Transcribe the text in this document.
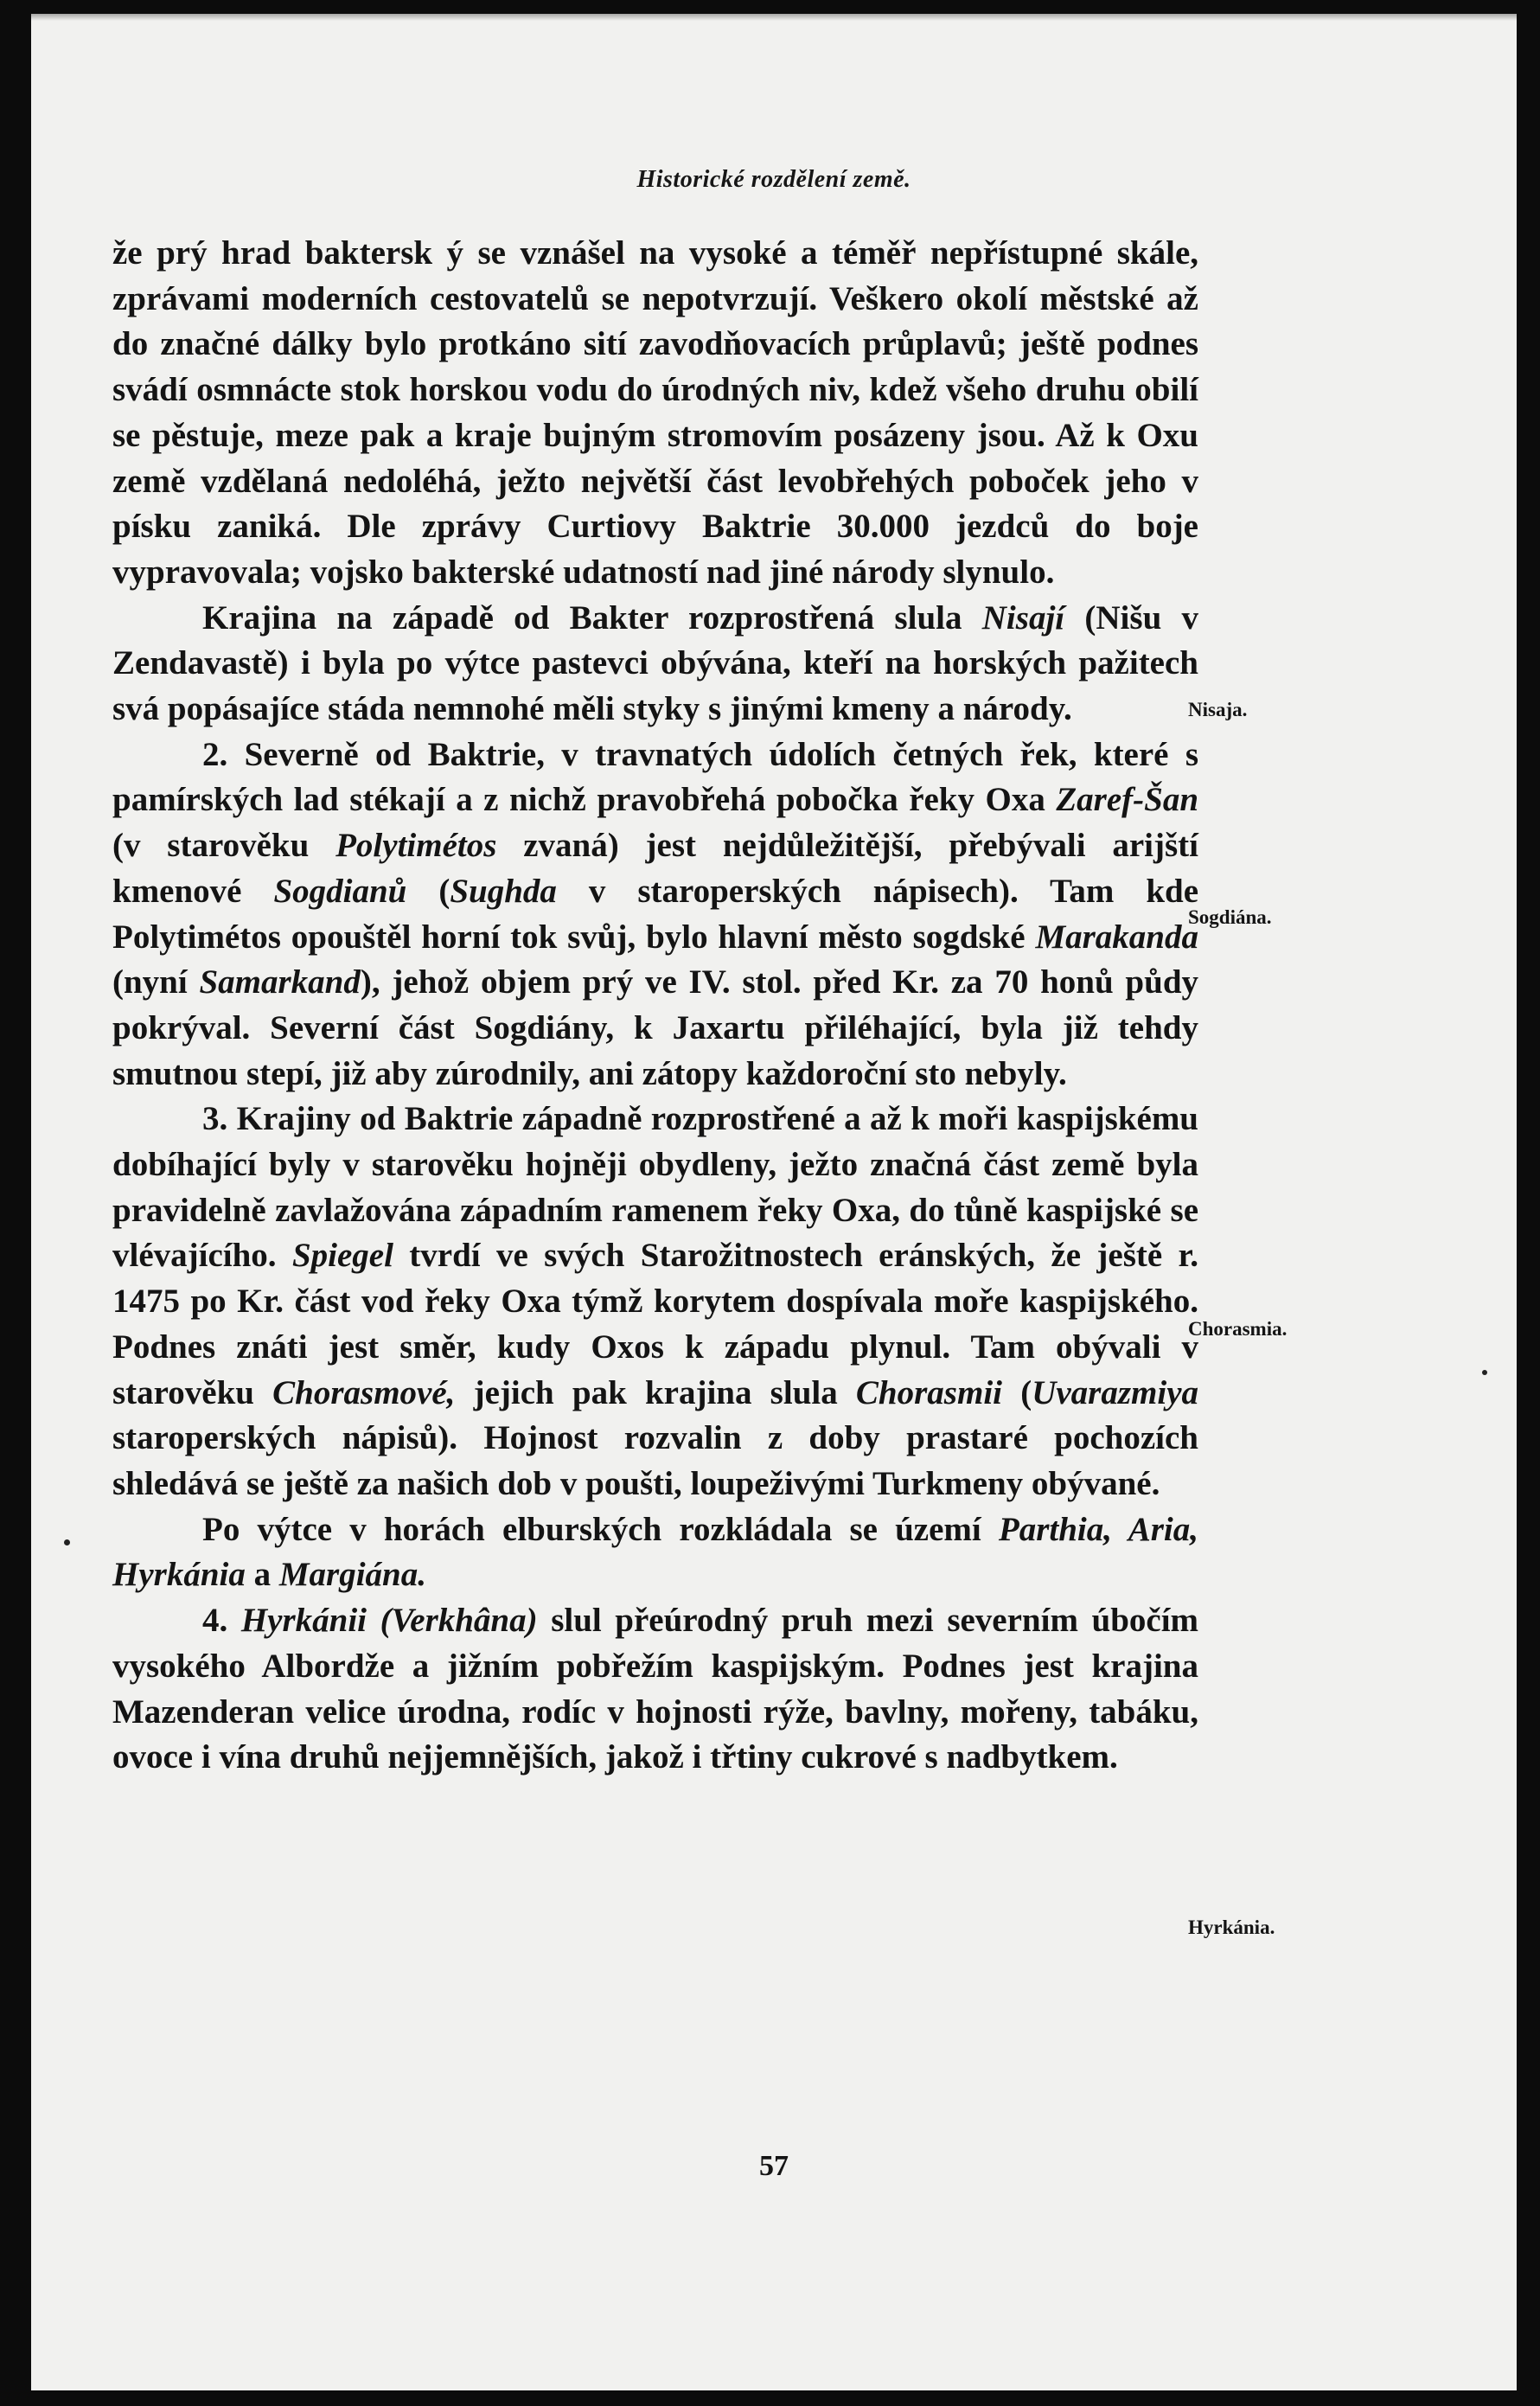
Historické rozdělení země.

že prý hrad baktersk ý se vznášel na vysoké a téměř nepřístupné skále, zprávami moderních cestovatelů se nepotvrzují. Veškero okolí městské až do značné dálky bylo protkáno sití zavodňovacích průplavů; ještě podnes svádí osmnácte stok horskou vodu do úrodných niv, kdež všeho druhu obilí se pěstuje, meze pak a kraje bujným stromovím posázeny jsou. Až k Oxu země vzdělaná nedoléhá, ježto největší část levobřehých poboček jeho v písku zaniká. Dle zprávy Curtiovy Baktrie 30.000 jezdců do boje vypravovala; vojsko bakterské udatností nad jiné národy slynulo.

Krajina na západě od Bakter rozprostřená slula Nisají (Nišu v Zendavastě) i byla po výtce pastevci obývána, kteří na horských pažitech svá popásajíce stáda nemnohé měli styky s jinými kmeny a národy.

2. Severně od Baktrie, v travnatých údolích četných řek, které s pamírských lad stékají a z nichž pravobřehá pobočka řeky Oxa Zaref-Šan (v starověku Polytimétos zvaná) jest nejdůležitější, přebývali arijští kmenové Sogdianů (Sughda v staroperských nápisech). Tam kde Polytimétos opouštěl horní tok svůj, bylo hlavní město sogdské Marakanda (nyní Samarkand), jehož objem prý ve IV. stol. před Kr. za 70 honů půdy pokrýval. Severní část Sogdiány, k Jaxartu přiléhající, byla již tehdy smutnou stepí, již aby zúrodnily, ani zátopy každoroční sto nebyly.

3. Krajiny od Baktrie západně rozprostřené a až k moři kaspijskému dobíhající byly v starověku hojněji obydleny, ježto značná část země byla pravidelně zavlažována západním ramenem řeky Oxa, do tůně kaspijské se vlévajícího. Spiegel tvrdí ve svých Starožitnostech eránských, že ještě r. 1475 po Kr. část vod řeky Oxa týmž korytem dospívala moře kaspijského. Podnes znáti jest směr, kudy Oxos k západu plynul. Tam obývali v starověku Chorasmové, jejich pak krajina slula Chorasmii (Uvarazmiya staroperských nápisů). Hojnost rozvalin z doby prastaré pochozích shledává se ještě za našich dob v poušti, loupeživými Turkmeny obývané.

Po výtce v horách elburských rozkládala se území Parthia, Aria, Hyrkánia a Margiána.

4. Hyrkánii (Verkhâna) slul přeúrodný pruh mezi severním úbočím vysokého Albordže a jižním pobřežím kaspijským. Podnes jest krajina Mazenderan velice úrodna, rodíc v hojnosti rýže, bavlny, mořeny, tabáku, ovoce i vína druhů nejjemnějších, jakož i třtiny cukrové s nadbytkem.

Nisaja.
Sogdiána.
Chorasmia.
Hyrkánia.
57
